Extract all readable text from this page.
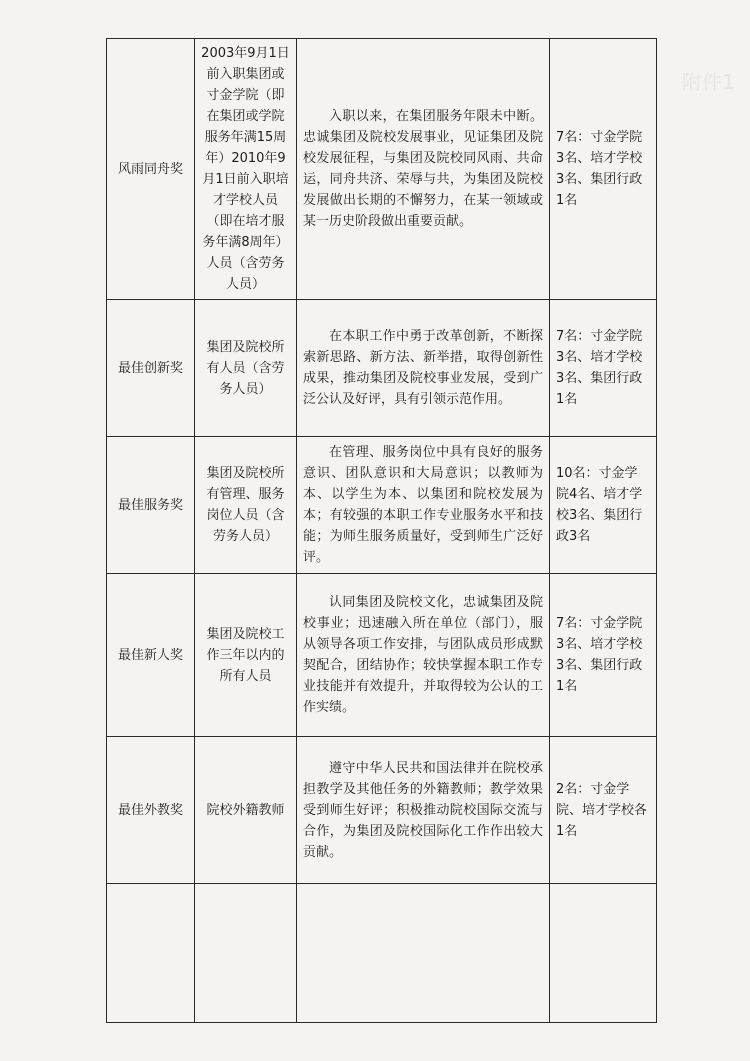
附件1
风雨同舟奖	2003年9月1日前入职集团或寸金学院（即在集团或学院服务年满15周年）2010年9月1日前入职培才学校人员（即在培才服务年满8周年）人员（含劳务人员）	入职以来，在集团服务年限未中断。忠诚集团及院校发展事业，见证集团及院校发展征程，与集团及院校同风雨、共命运，同舟共济、荣辱与共，为集团及院校发展做出长期的不懈努力，在某一领域或某一历史阶段做出重要贡献。	7名：寸金学院3名、培才学校3名、集团行政1名
最佳创新奖	集团及院校所有人员（含劳务人员）	在本职工作中勇于改革创新，不断探索新思路、新方法、新举措，取得创新性成果，推动集团及院校事业发展，受到广泛公认及好评，具有引领示范作用。	7名：寸金学院3名、培才学校3名、集团行政1名
最佳服务奖	集团及院校所有管理、服务岗位人员（含劳务人员）	在管理、服务岗位中具有良好的服务意识、团队意识和大局意识；以教师为本、以学生为本、以集团和院校发展为本；有较强的本职工作专业服务水平和技能；为师生服务质量好，受到师生广泛好评。	10名：寸金学院4名、培才学校3名、集团行政3名
最佳新人奖	集团及院校工作三年以内的所有人员	认同集团及院校文化，忠诚集团及院校事业；迅速融入所在单位（部门），服从领导各项工作安排，与团队成员形成默契配合，团结协作；较快掌握本职工作专业技能并有效提升，并取得较为公认的工作实绩。	7名：寸金学院3名、培才学校3名、集团行政1名
最佳外教奖	院校外籍教师	遵守中华人民共和国法律并在院校承担教学及其他任务的外籍教师；教学效果受到师生好评；积极推动院校国际交流与合作，为集团及院校国际化工作作出较大贡献。	2名：寸金学院、培才学校各1名
